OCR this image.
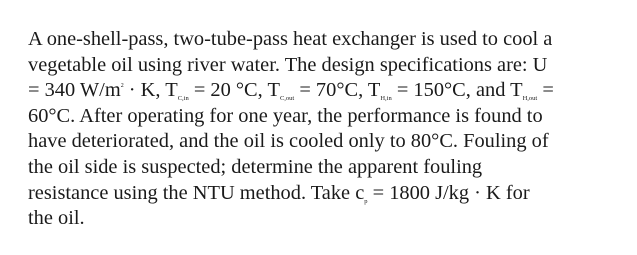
A one-shell-pass, two-tube-pass heat exchanger is used to cool a
vegetable oil using river water. The design specifications are: U
= 340 $W/m^2 \cdot K$, TC,in = 20 °C, TC,out = 70°C, TH,in = 150°C, and TH,out =
60°C. After operating for one year, the performance is found to
have deteriorated, and the oil is cooled only to 80°C. Fouling of
the oil side is suspected; determine the apparent fouling
resistance using the NTU method. Take cp = 1800 J/kg · K for
the oil.
